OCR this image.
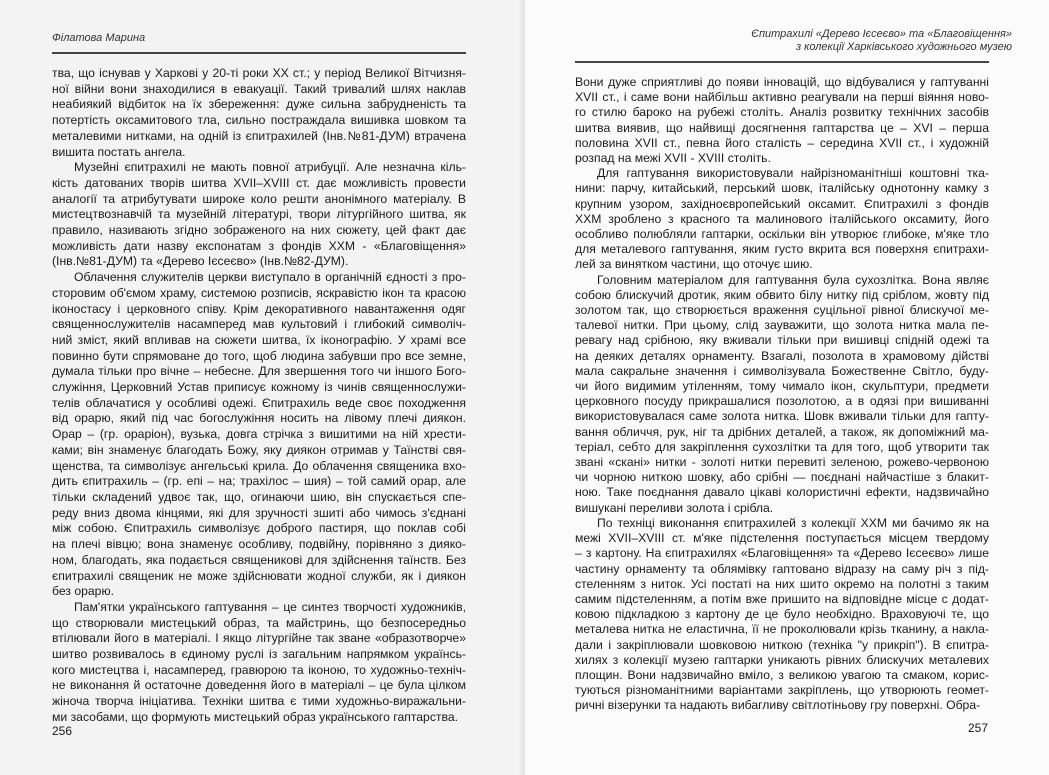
Філатова Марина
тва, що існував у Харкові у 20-ті роки ХХ ст.; у період Великої Вітчизня-
ної війни вони знаходилися в евакуації. Такий тривалий шлях наклав
неабиякий відбиток на їх збереження: дуже сильна забрудненість та
потертість оксамитового тла, сильно постраждала вишивка шовком та
металевими нитками, на одній із єпитрахилей (Інв.№81-ДУМ) втрачена
вишита постать ангела.
Музейні єпитрахилі не мають повної атрибуції. Але незначна кіль-
кість датованих творів шитва XVII–XVIII ст. дає можливість провести
аналогії та атрибутувати широке коло решти анонімного матеріалу. В
мистецтвознавчій та музейній літературі, твори літургійного шитва, як
правило, називають згідно зображеного на них сюжету, цей факт дає
можливість дати назву експонатам з фондів ХХМ - «Благовіщення»
(Інв.№81-ДУМ) та «Дерево Ієсеєво» (Інв.№82-ДУМ).
Облачення служителів церкви виступало в органічній єдності з про-
сторовим об'ємом храму, системою розписів, яскравістю ікон та красою
іконостасу і церковного співу. Крім декоративного навантаження одяг
священнослужителів насамперед мав культовий і глибокий символіч-
ний зміст, який впливав на сюжети шитва, їх іконографію. У храмі все
повинно бути спрямоване до того, щоб людина забувши про все земне,
думала тільки про вічне – небесне. Для звершення того чи іншого Бого-
служіння, Церковний Устав приписує кожному із чинів священнослужи-
телів облачатися у особливі одежі. Єпитрахиль веде своє походження
від орарю, який під час богослужіння носить на лівому плечі диякон.
Орар – (гр. ораріон), вузька, довга стрічка з вишитими на ній хрести-
ками; він знаменує благодать Божу, яку диякон отримав у Таїнстві свя-
щенства, та символізує ангельські крила. До облачення священика вхо-
дить єпитрахиль – (гр. епі – на; трахілос – шия) – той самий орар, але
тільки складений удвоє так, що, огинаючи шию, він спускається спе-
реду вниз двома кінцями, які для зручності зшиті або чимось з'єднані
між собою. Єпитрахиль символізує доброго пастиря, що поклав собі
на плечі вівцю; вона знаменує особливу, подвійну, порівняно з дияко-
ном, благодать, яка подається священикові для здійснення таїнств. Без
єпитрахилі священик не може здійснювати жодної служби, як і диякон
без орарю.
Пам'ятки українського гаптування – це синтез творчості художників,
що створювали мистецький образ, та майстринь, що безпосередньо
втілювали його в матеріалі. І якщо літургійне так зване «образотворче»
шитво розвивалось в єдиному руслі із загальним напрямком українсь-
кого мистецтва і, насамперед, гравюрою та іконою, то художньо-техніч-
не виконання й остаточне доведення його в матеріалі – це була цілком
жіноча творча ініціатива. Техніки шитва є тими художньо-виражальни-
ми засобами, що формують мистецький образ українського гаптарства.
256
Єпитрахилі «Дерево Ієсеєво» та «Благовіщення»
з колекції Харківського художнього музею
Вони дуже сприятливі до появи інновацій, що відбувалися у гаптуванні
XVII ст., і саме вони найбільш активно реагували на перші віяння ново-
го стилю бароко на рубежі століть. Аналіз розвитку технічних засобів
шитва виявив, що найвищі досягнення гаптарства це – XVI – перша
половина XVII ст., певна його сталість – середина XVII ст., і художній
розпад на межі XVII - XVIII століть.
Для гаптування використовували найрізноманітніші коштовні тка-
нини: парчу, китайський, перський шовк, італійську однотонну камку з
крупним узором, західноєвропейський оксамит. Єпитрахилі з фондів
ХХМ зроблено з красного та малинового італійського оксамиту, його
особливо полюбляли гаптарки, оскільки він утворює глибоке, м'яке тло
для металевого гаптування, яким густо вкрита вся поверхня єпитрахи-
лей за винятком частини, що оточує шию.
Головним матеріалом для гаптування була сухозлітка. Вона являє
собою блискучий дротик, яким обвито білу нитку під сріблом, жовту під
золотом так, що створюється враження суцільної рівної блискучої ме-
талевої нитки. При цьому, слід зауважити, що золота нитка мала пе-
ревагу над срібною, яку вживали тільки при вишивці спідній одежі та
на деяких деталях орнаменту. Взагалі, позолота в храмовому дійстві
мала сакральне значення і символізувала Божественне Світло, буду-
чи його видимим утіленням, тому чимало ікон, скульптури, предмети
церковного посуду прикрашалися позолотою, а в одязі при вишиванні
використовувалася саме золота нитка. Шовк вживали тільки для гапту-
вання обличчя, рук, ніг та дрібних деталей, а також, як допоміжний ма-
теріал, себто для закріплення сухозлітки та для того, щоб утворити так
звані «скані» нитки - золоті нитки перевиті зеленою, рожево-червоною
чи чорною ниткою шовку, або срібні — поєднані найчастіше з блакит-
ною. Таке поєднання давало цікаві колористичні ефекти, надзвичайно
вишукані переливи золота і срібла.
По техніці виконання єпитрахилей з колекції ХХМ ми бачимо як на
межі XVII–XVIII ст. м'яке підстелення поступається місцем твердому
– з картону. На єпитрахилях «Благовіщення» та «Дерево Ієсеєво» лише
частину орнаменту та облямівку гаптовано відразу на саму річ з під-
стеленням з ниток. Усі постаті на них шито окремо на полотні з таким
самим підстеленням, а потім вже пришито на відповідне місце с додат-
ковою підкладкою з картону де це було необхідно. Враховуючі те, що
металева нитка не еластична, її не проколювали крізь тканину, а накла-
дали і закріплювали шовковою ниткою (техніка "у прикріп"). В єпитра-
хилях з колекції музею гаптарки уникають рівних блискучих металевих
площин. Вони надзвичайно вміло, з великою увагою та смаком, корис-
туються різноманітними варіантами закріплень, що утворюють геомет-
ричні візерунки та надають вибагливу світлотіньову гру поверхні. Обра-
257
